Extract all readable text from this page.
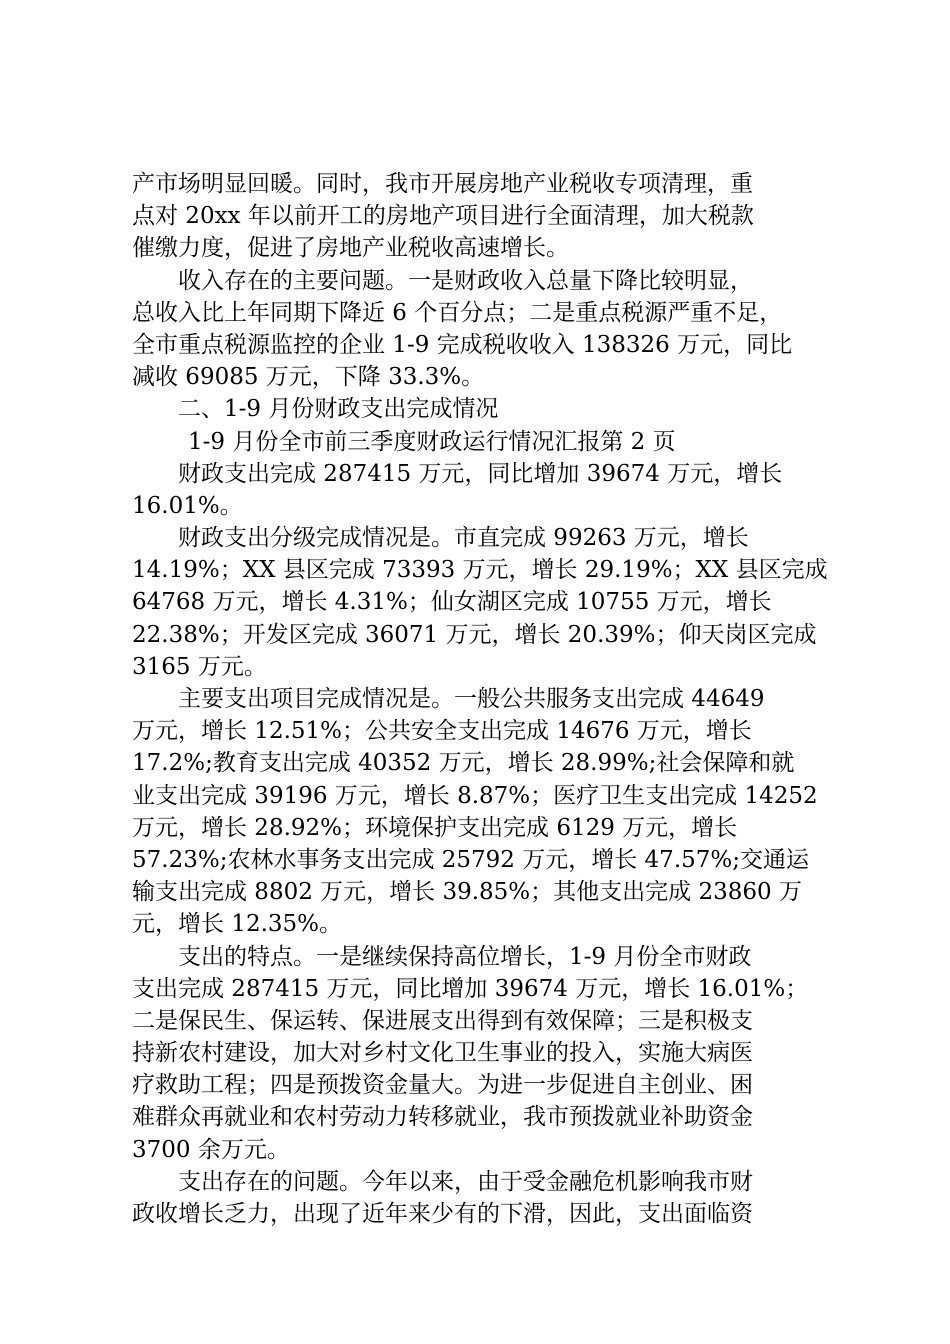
产市场明显回暖。同时，我市开展房地产业税收专项清理，重
点对 20xx 年以前开工的房地产项目进行全面清理，加大税款
催缴力度，促进了房地产业税收高速增长。
收入存在的主要问题。一是财政收入总量下降比较明显，
总收入比上年同期下降近 6 个百分点；二是重点税源严重不足，
全市重点税源监控的企业 1-9 完成税收收入 138326 万元，同比
减收 69085 万元，下降 33.3%。
二、1-9 月份财政支出完成情况
1-9 月份全市前三季度财政运行情况汇报第 2 页
财政支出完成 287415 万元，同比增加 39674 万元，增长
16.01%。
财政支出分级完成情况是。市直完成 99263 万元，增长
14.19%；XX 县区完成 73393 万元，增长 29.19%；XX 县区完成
64768 万元，增长 4.31%；仙女湖区完成 10755 万元，增长
22.38%；开发区完成 36071 万元，增长 20.39%；仰天岗区完成
3165 万元。
主要支出项目完成情况是。一般公共服务支出完成 44649
万元，增长 12.51%；公共安全支出完成 14676 万元，增长
17.2%;教育支出完成 40352 万元，增长 28.99%;社会保障和就
业支出完成 39196 万元，增长 8.87%；医疗卫生支出完成 14252
万元，增长 28.92%；环境保护支出完成 6129 万元，增长
57.23%;农林水事务支出完成 25792 万元，增长 47.57%;交通运
输支出完成 8802 万元，增长 39.85%；其他支出完成 23860 万
元，增长 12.35%。
支出的特点。一是继续保持高位增长，1-9 月份全市财政
支出完成 287415 万元，同比增加 39674 万元，增长 16.01%；
二是保民生、保运转、保进展支出得到有效保障；三是积极支
持新农村建设，加大对乡村文化卫生事业的投入，实施大病医
疗救助工程；四是预拨资金量大。为进一步促进自主创业、困
难群众再就业和农村劳动力转移就业，我市预拨就业补助资金
3700 余万元。
支出存在的问题。今年以来，由于受金融危机影响我市财
政收增长乏力，出现了近年来少有的下滑，因此，支出面临资
